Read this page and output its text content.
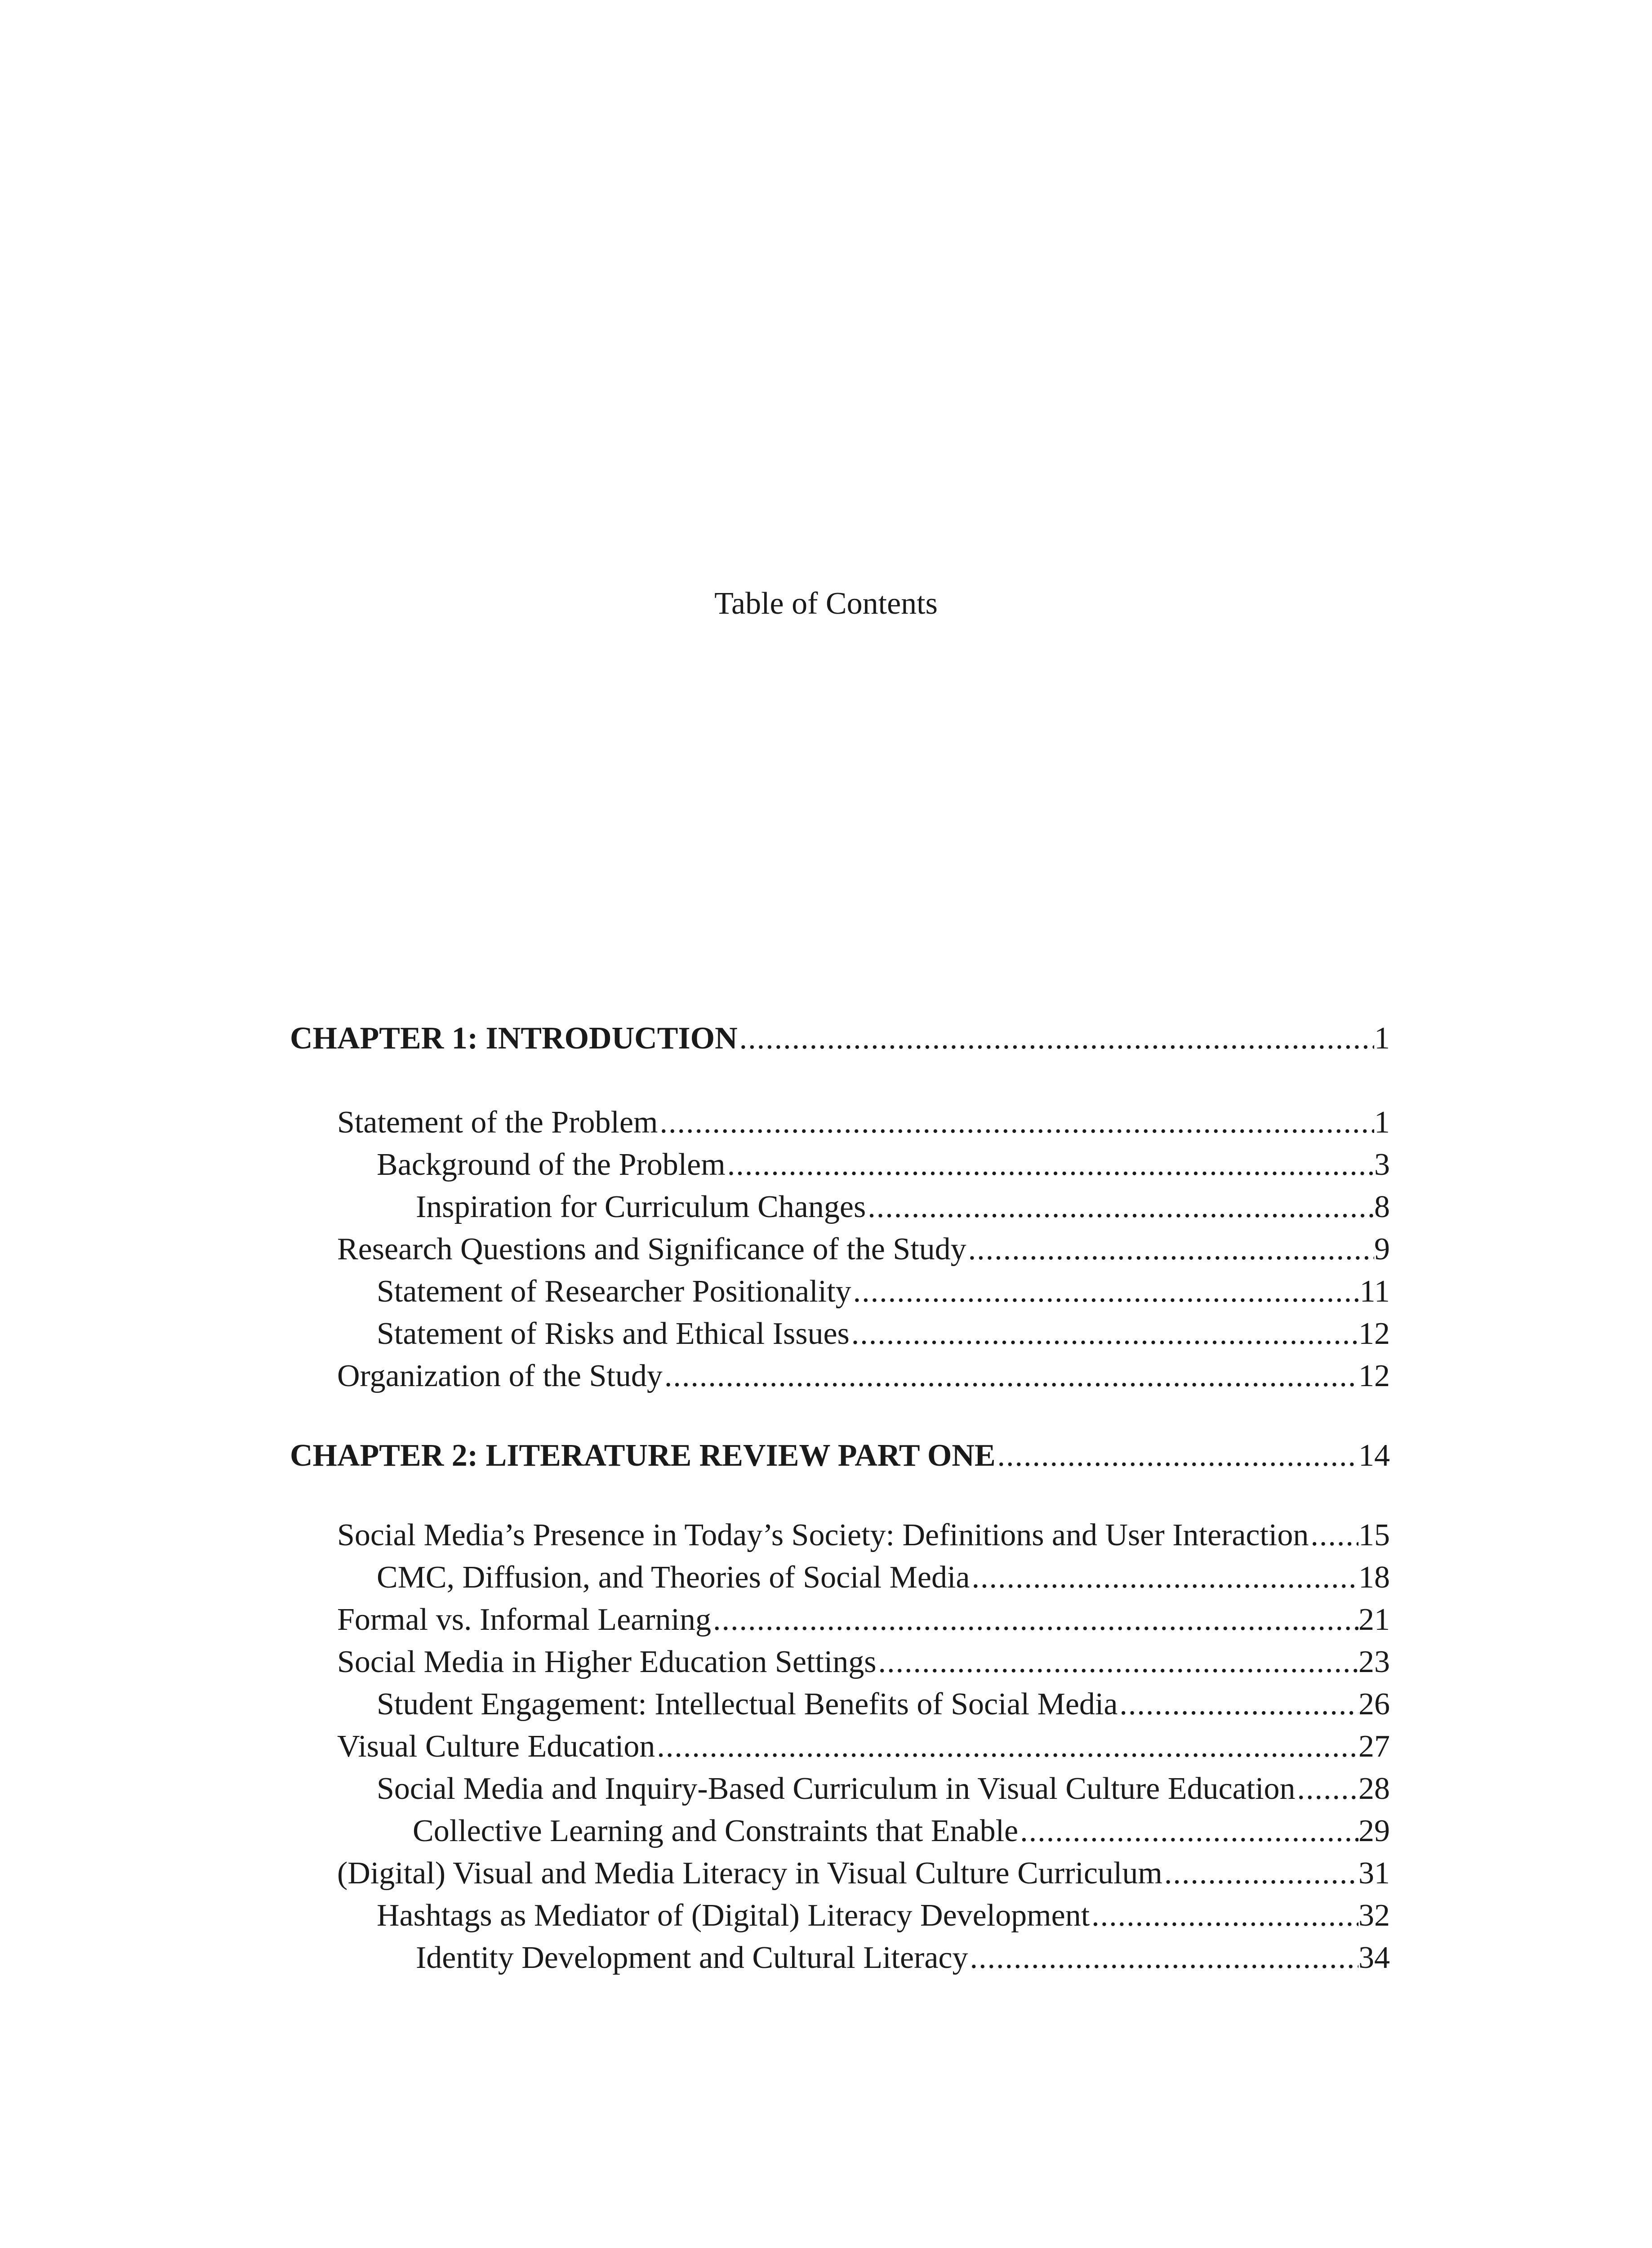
Table of Contents
CHAPTER 1: INTRODUCTION .....	1
Statement of the Problem .....	1
Background of the Problem .....	3
Inspiration for Curriculum Changes .....	8
Research Questions and Significance of the Study .....	9
Statement of Researcher Positionality .....	11
Statement of Risks and Ethical Issues .....	12
Organization of the Study .....	12
CHAPTER 2: LITERATURE REVIEW PART ONE .....	14
Social Media’s Presence in Today’s Society: Definitions and User Interaction ..... 15
CMC, Diffusion, and Theories of Social Media .....	18
Formal vs. Informal Learning .....	21
Social Media in Higher Education Settings .....	23
Student Engagement: Intellectual Benefits of Social Media .....	26
Visual Culture Education .....	27
Social Media and Inquiry-Based Curriculum in Visual Culture Education ..... 28
Collective Learning and Constraints that Enable .....	29
(Digital) Visual and Media Literacy in Visual Culture Curriculum .....	31
Hashtags as Mediator of (Digital) Literacy Development .....	32
Identity Development and Cultural Literacy .....	34
